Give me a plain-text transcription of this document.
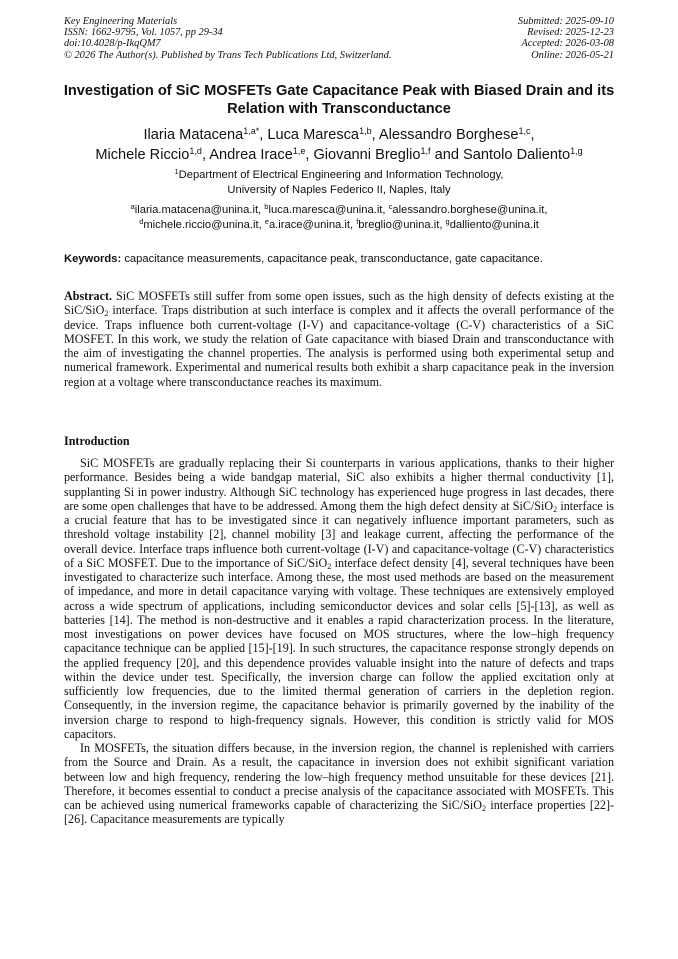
Key Engineering Materials
ISSN: 1662-9795, Vol. 1057, pp 29-34
doi:10.4028/p-IkqQM7
© 2026 The Author(s). Published by Trans Tech Publications Ltd, Switzerland.
Submitted: 2025-09-10
Revised: 2025-12-23
Accepted: 2026-03-08
Online: 2026-05-21
Investigation of SiC MOSFETs Gate Capacitance Peak with Biased Drain and its Relation with Transconductance
Ilaria Matacena$^{1,a*}$, Luca Maresca$^{1,b}$, Alessandro Borghese$^{1,c}$,
Michele Riccio$^{1,d}$, Andrea Irace$^{1,e}$, Giovanni Breglio$^{1,f}$ and Santolo Daliento$^{1,g}$
$^1$Department of Electrical Engineering and Information Technology,
University of Naples Federico II, Naples, Italy
$^a$ilaria.matacena@unina.it, $^b$luca.maresca@unina.it, $^c$alessandro.borghese@unina.it,
$^d$michele.riccio@unina.it, $^e$a.irace@unina.it, $^f$breglio@unina.it, $^g$dalliento@unina.it
Keywords: capacitance measurements, capacitance peak, transconductance, gate capacitance.
Abstract. SiC MOSFETs still suffer from some open issues, such as the high density of defects existing at the SiC/SiO$_2$ interface. Traps distribution at such interface is complex and it affects the overall performance of the device. Traps influence both current-voltage (I-V) and capacitance-voltage (C-V) characteristics of a SiC MOSFET. In this work, we study the relation of Gate capacitance with biased Drain and transconductance with the aim of investigating the channel properties. The analysis is performed using both experimental setup and numerical framework. Experimental and numerical results both exhibit a sharp capacitance peak in the inversion region at a voltage where transconductance reaches its maximum.
Introduction

SiC MOSFETs are gradually replacing their Si counterparts in various applications, thanks to their higher performance. Besides being a wide bandgap material, SiC also exhibits a higher thermal conductivity [1], supplanting Si in power industry. Although SiC technology has experienced huge progress in last decades, there are some open challenges that have to be addressed. Among them the high defect density at SiC/SiO$_2$ interface is a crucial feature that has to be investigated since it can negatively influence important parameters, such as threshold voltage instability [2], channel mobility [3] and leakage current, affecting the performance of the overall device. Interface traps influence both current-voltage (I-V) and capacitance-voltage (C-V) characteristics of a SiC MOSFET. Due to the importance of SiC/SiO$_2$ interface defect density [4], several techniques have been investigated to characterize such interface. Among these, the most used methods are based on the measurement of impedance, and more in detail capacitance varying with voltage. These techniques are extensively employed across a wide spectrum of applications, including semiconductor devices and solar cells [5]-[13], as well as batteries [14]. The method is non-destructive and it enables a rapid characterization process. In the literature, most investigations on power devices have focused on MOS structures, where the low–high frequency capacitance technique can be applied [15]-[19]. In such structures, the capacitance response strongly depends on the applied frequency [20], and this dependence provides valuable insight into the nature of defects and traps within the device under test. Specifically, the inversion charge can follow the applied excitation only at sufficiently low frequencies, due to the limited thermal generation of carriers in the depletion region. Consequently, in the inversion regime, the capacitance behavior is primarily governed by the inability of the inversion charge to respond to high-frequency signals. However, this condition is strictly valid for MOS capacitors.

In MOSFETs, the situation differs because, in the inversion region, the channel is replenished with carriers from the Source and Drain. As a result, the capacitance in inversion does not exhibit significant variation between low and high frequency, rendering the low–high frequency method unsuitable for these devices [21]. Therefore, it becomes essential to conduct a precise analysis of the capacitance associated with MOSFETs. This can be achieved using numerical frameworks capable of characterizing the SiC/SiO$_2$ interface properties [22]-[26]. Capacitance measurements are typically
